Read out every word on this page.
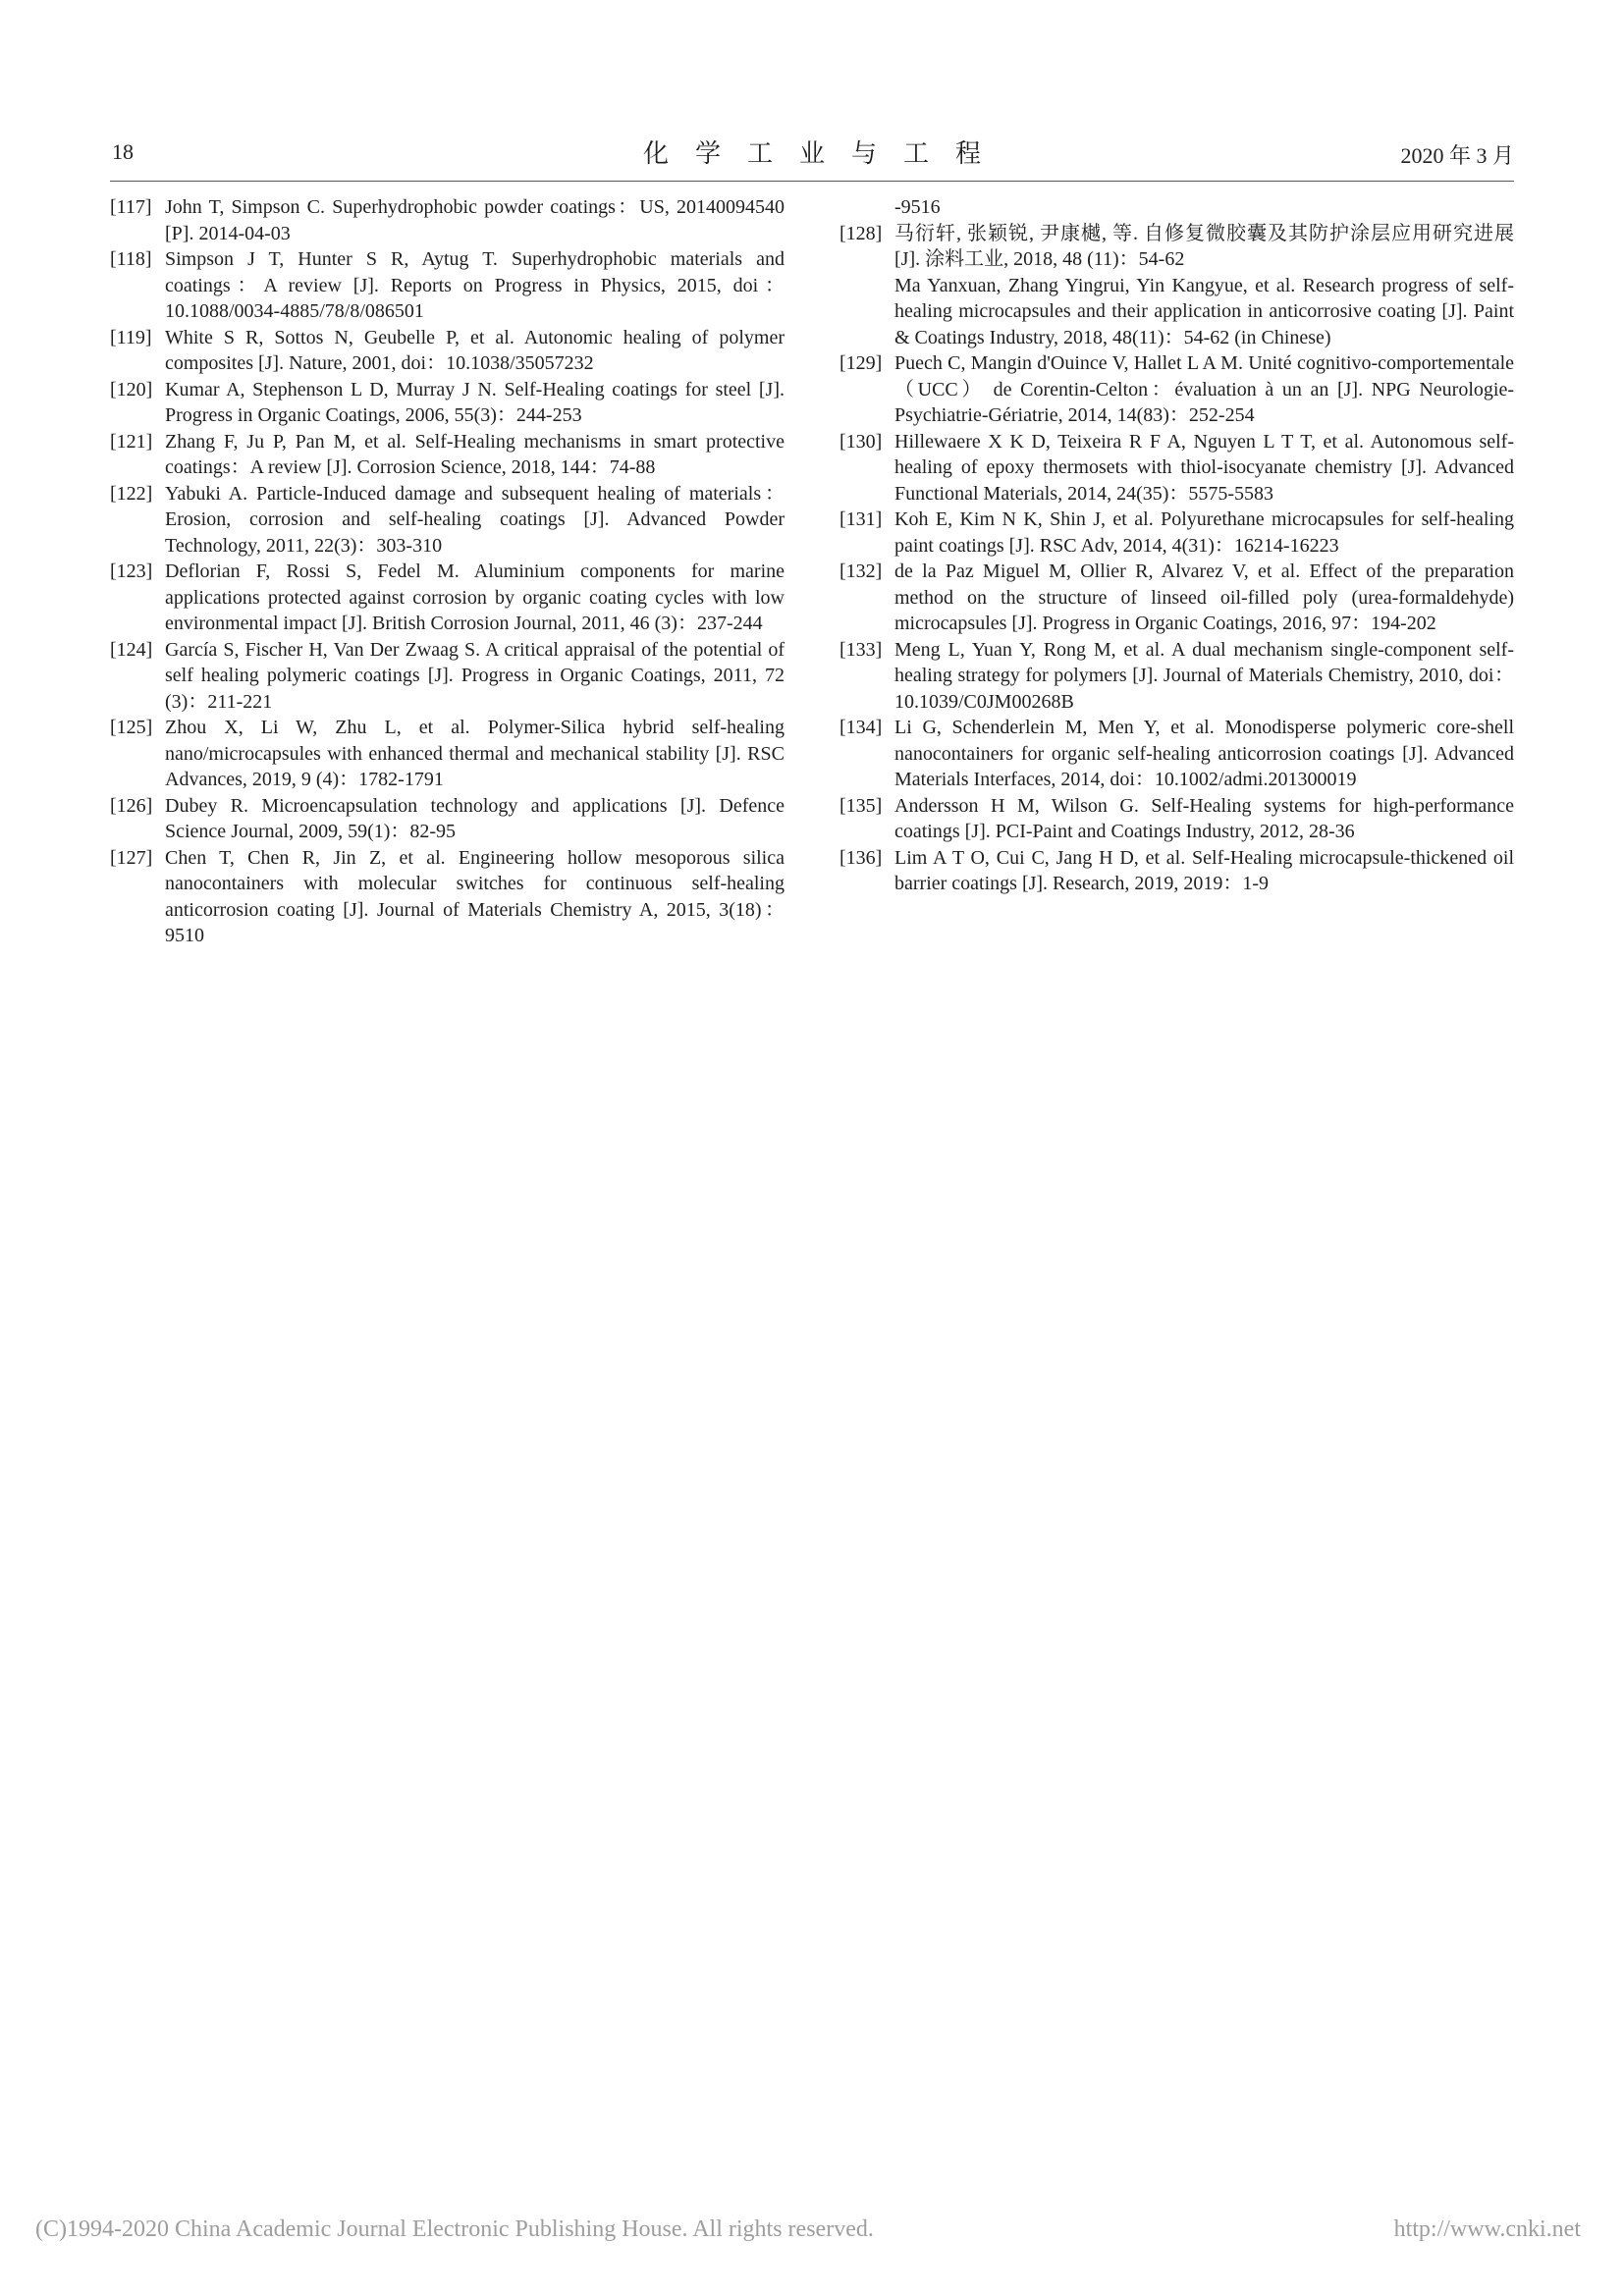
18	化学工业与工程	2020 年 3 月
[117] John T, Simpson C. Superhydrophobic powder coatings：US, 20140094540 [P]. 2014-04-03

[118] Simpson J T, Hunter S R, Aytug T. Superhydrophobic materials and coatings：A review [J]. Reports on Progress in Physics, 2015, doi：10.1088/0034-4885/78/8/086501

[119] White S R, Sottos N, Geubelle P, et al. Autonomic healing of polymer composites [J]. Nature, 2001, doi：10.1038/35057232

[120] Kumar A, Stephenson L D, Murray J N. Self-Healing coatings for steel [J]. Progress in Organic Coatings, 2006, 55(3)：244-253

[121] Zhang F, Ju P, Pan M, et al. Self-Healing mechanisms in smart protective coatings：A review [J]. Corrosion Science, 2018, 144：74-88

[122] Yabuki A. Particle-Induced damage and subsequent healing of materials：Erosion, corrosion and self-healing coatings [J]. Advanced Powder Technology, 2011, 22(3)：303-310

[123] Deflorian F, Rossi S, Fedel M. Aluminium components for marine applications protected against corrosion by organic coating cycles with low environmental impact [J]. British Corrosion Journal, 2011, 46 (3)：237-244

[124] García S, Fischer H, Van Der Zwaag S. A critical appraisal of the potential of self healing polymeric coatings [J]. Progress in Organic Coatings, 2011, 72 (3)：211-221

[125] Zhou X, Li W, Zhu L, et al. Polymer-Silica hybrid self-healing nano/microcapsules with enhanced thermal and mechanical stability [J]. RSC Advances, 2019, 9 (4)：1782-1791

[126] Dubey R. Microencapsulation technology and applications [J]. Defence Science Journal, 2009, 59(1)：82-95

[127] Chen T, Chen R, Jin Z, et al. Engineering hollow mesoporous silica nanocontainers with molecular switches for continuous self-healing anticorrosion coating [J]. Journal of Materials Chemistry A, 2015, 3(18)：9510

-9516

[128] 马衍轩, 张颖锐, 尹康樾, 等. 自修复微胶囊及其防护涂层应用研究进展 [J]. 涂料工业, 2018, 48 (11)：54-62

Ma Yanxuan, Zhang Yingrui, Yin Kangyue, et al. Research progress of self-healing microcapsules and their application in anticorrosive coating [J]. Paint & Coatings Industry, 2018, 48(11)：54-62 (in Chinese)

[129] Puech C, Mangin d'Ouince V, Hallet L A M. Unité cognitivo-comportementale （UCC） de Corentin-Celton：évaluation à un an [J]. NPG Neurologie-Psychiatrie-Gériatrie, 2014, 14(83)：252-254

[130] Hillewaere X K D, Teixeira R F A, Nguyen L T T, et al. Autonomous self-healing of epoxy thermosets with thiol-isocyanate chemistry [J]. Advanced Functional Materials, 2014, 24(35)：5575-5583

[131] Koh E, Kim N K, Shin J, et al. Polyurethane microcapsules for self-healing paint coatings [J]. RSC Adv, 2014, 4(31)：16214-16223

[132] de la Paz Miguel M, Ollier R, Alvarez V, et al. Effect of the preparation method on the structure of linseed oil-filled poly (urea-formaldehyde) microcapsules [J]. Progress in Organic Coatings, 2016, 97：194-202

[133] Meng L, Yuan Y, Rong M, et al. A dual mechanism single-component self-healing strategy for polymers [J]. Journal of Materials Chemistry, 2010, doi：10.1039/C0JM00268B

[134] Li G, Schenderlein M, Men Y, et al. Monodisperse polymeric core-shell nanocontainers for organic self-healing anticorrosion coatings [J]. Advanced Materials Interfaces, 2014, doi：10.1002/admi.201300019

[135] Andersson H M, Wilson G. Self-Healing systems for high-performance coatings [J]. PCI-Paint and Coatings Industry, 2012, 28-36

[136] Lim A T O, Cui C, Jang H D, et al. Self-Healing microcapsule-thickened oil barrier coatings [J]. Research, 2019, 2019：1-9

(C)1994-2020 China Academic Journal Electronic Publishing House. All rights reserved.	http://www.cnki.net
